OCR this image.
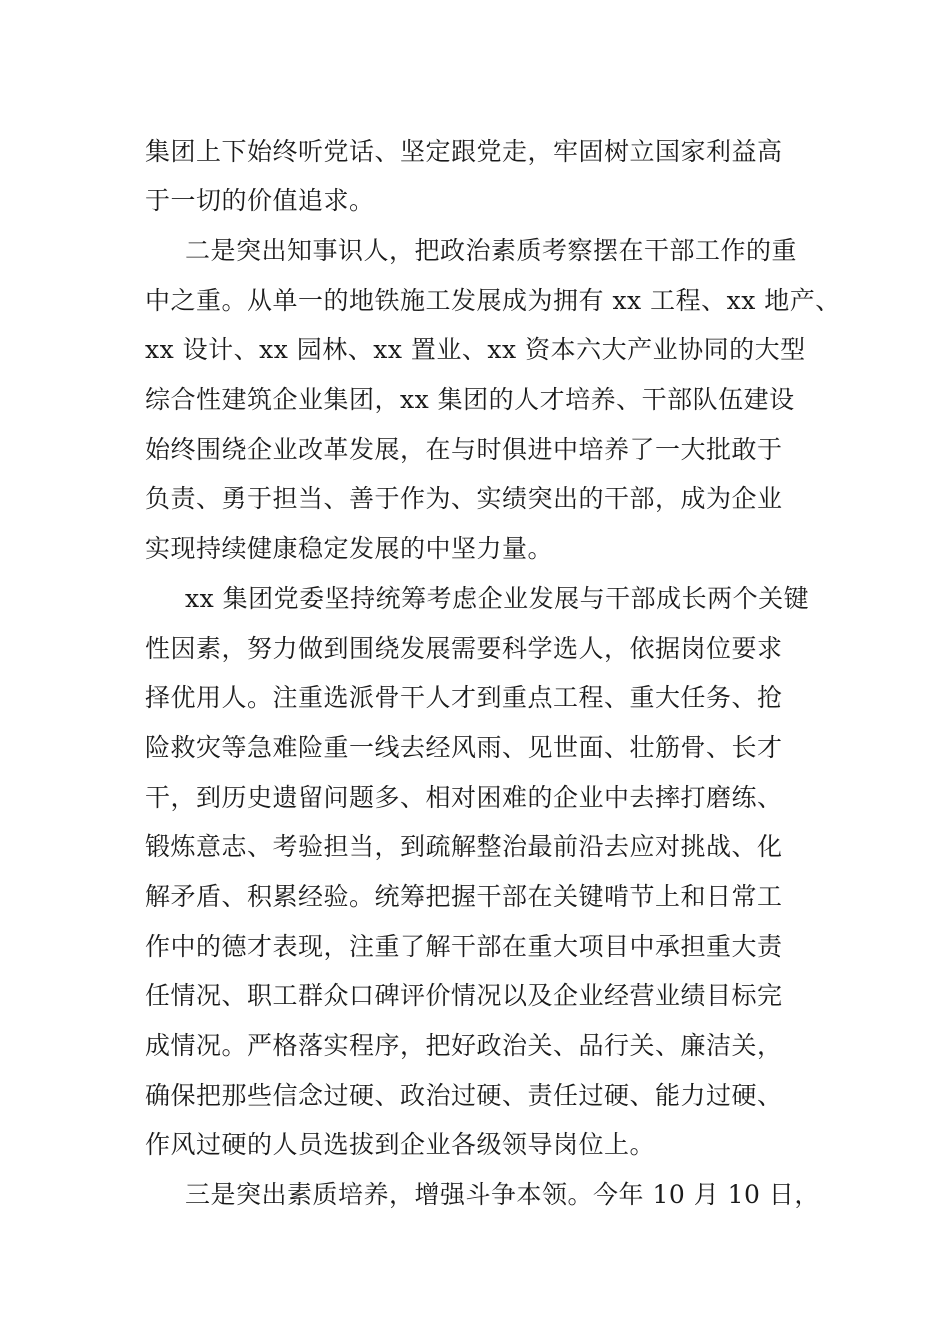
集团上下始终听党话、坚定跟党走，牢固树立国家利益高
于一切的价值追求。
二是突出知事识人，把政治素质考察摆在干部工作的重
中之重。从单一的地铁施工发展成为拥有 xx 工程、xx 地产、
xx 设计、xx 园林、xx 置业、xx 资本六大产业协同的大型
综合性建筑企业集团，xx 集团的人才培养、干部队伍建设
始终围绕企业改革发展，在与时俱进中培养了一大批敢于
负责、勇于担当、善于作为、实绩突出的干部，成为企业
实现持续健康稳定发展的中坚力量。
xx 集团党委坚持统筹考虑企业发展与干部成长两个关键
性因素，努力做到围绕发展需要科学选人，依据岗位要求
择优用人。注重选派骨干人才到重点工程、重大任务、抢
险救灾等急难险重一线去经风雨、见世面、壮筋骨、长才
干，到历史遗留问题多、相对困难的企业中去摔打磨练、
锻炼意志、考验担当，到疏解整治最前沿去应对挑战、化
解矛盾、积累经验。统筹把握干部在关键啃节上和日常工
作中的德才表现，注重了解干部在重大项目中承担重大责
任情况、职工群众口碑评价情况以及企业经营业绩目标完
成情况。严格落实程序，把好政治关、品行关、廉洁关，
确保把那些信念过硬、政治过硬、责任过硬、能力过硬、
作风过硬的人员选拔到企业各级领导岗位上。
三是突出素质培养，增强斗争本领。今年 10 月 10 日，
